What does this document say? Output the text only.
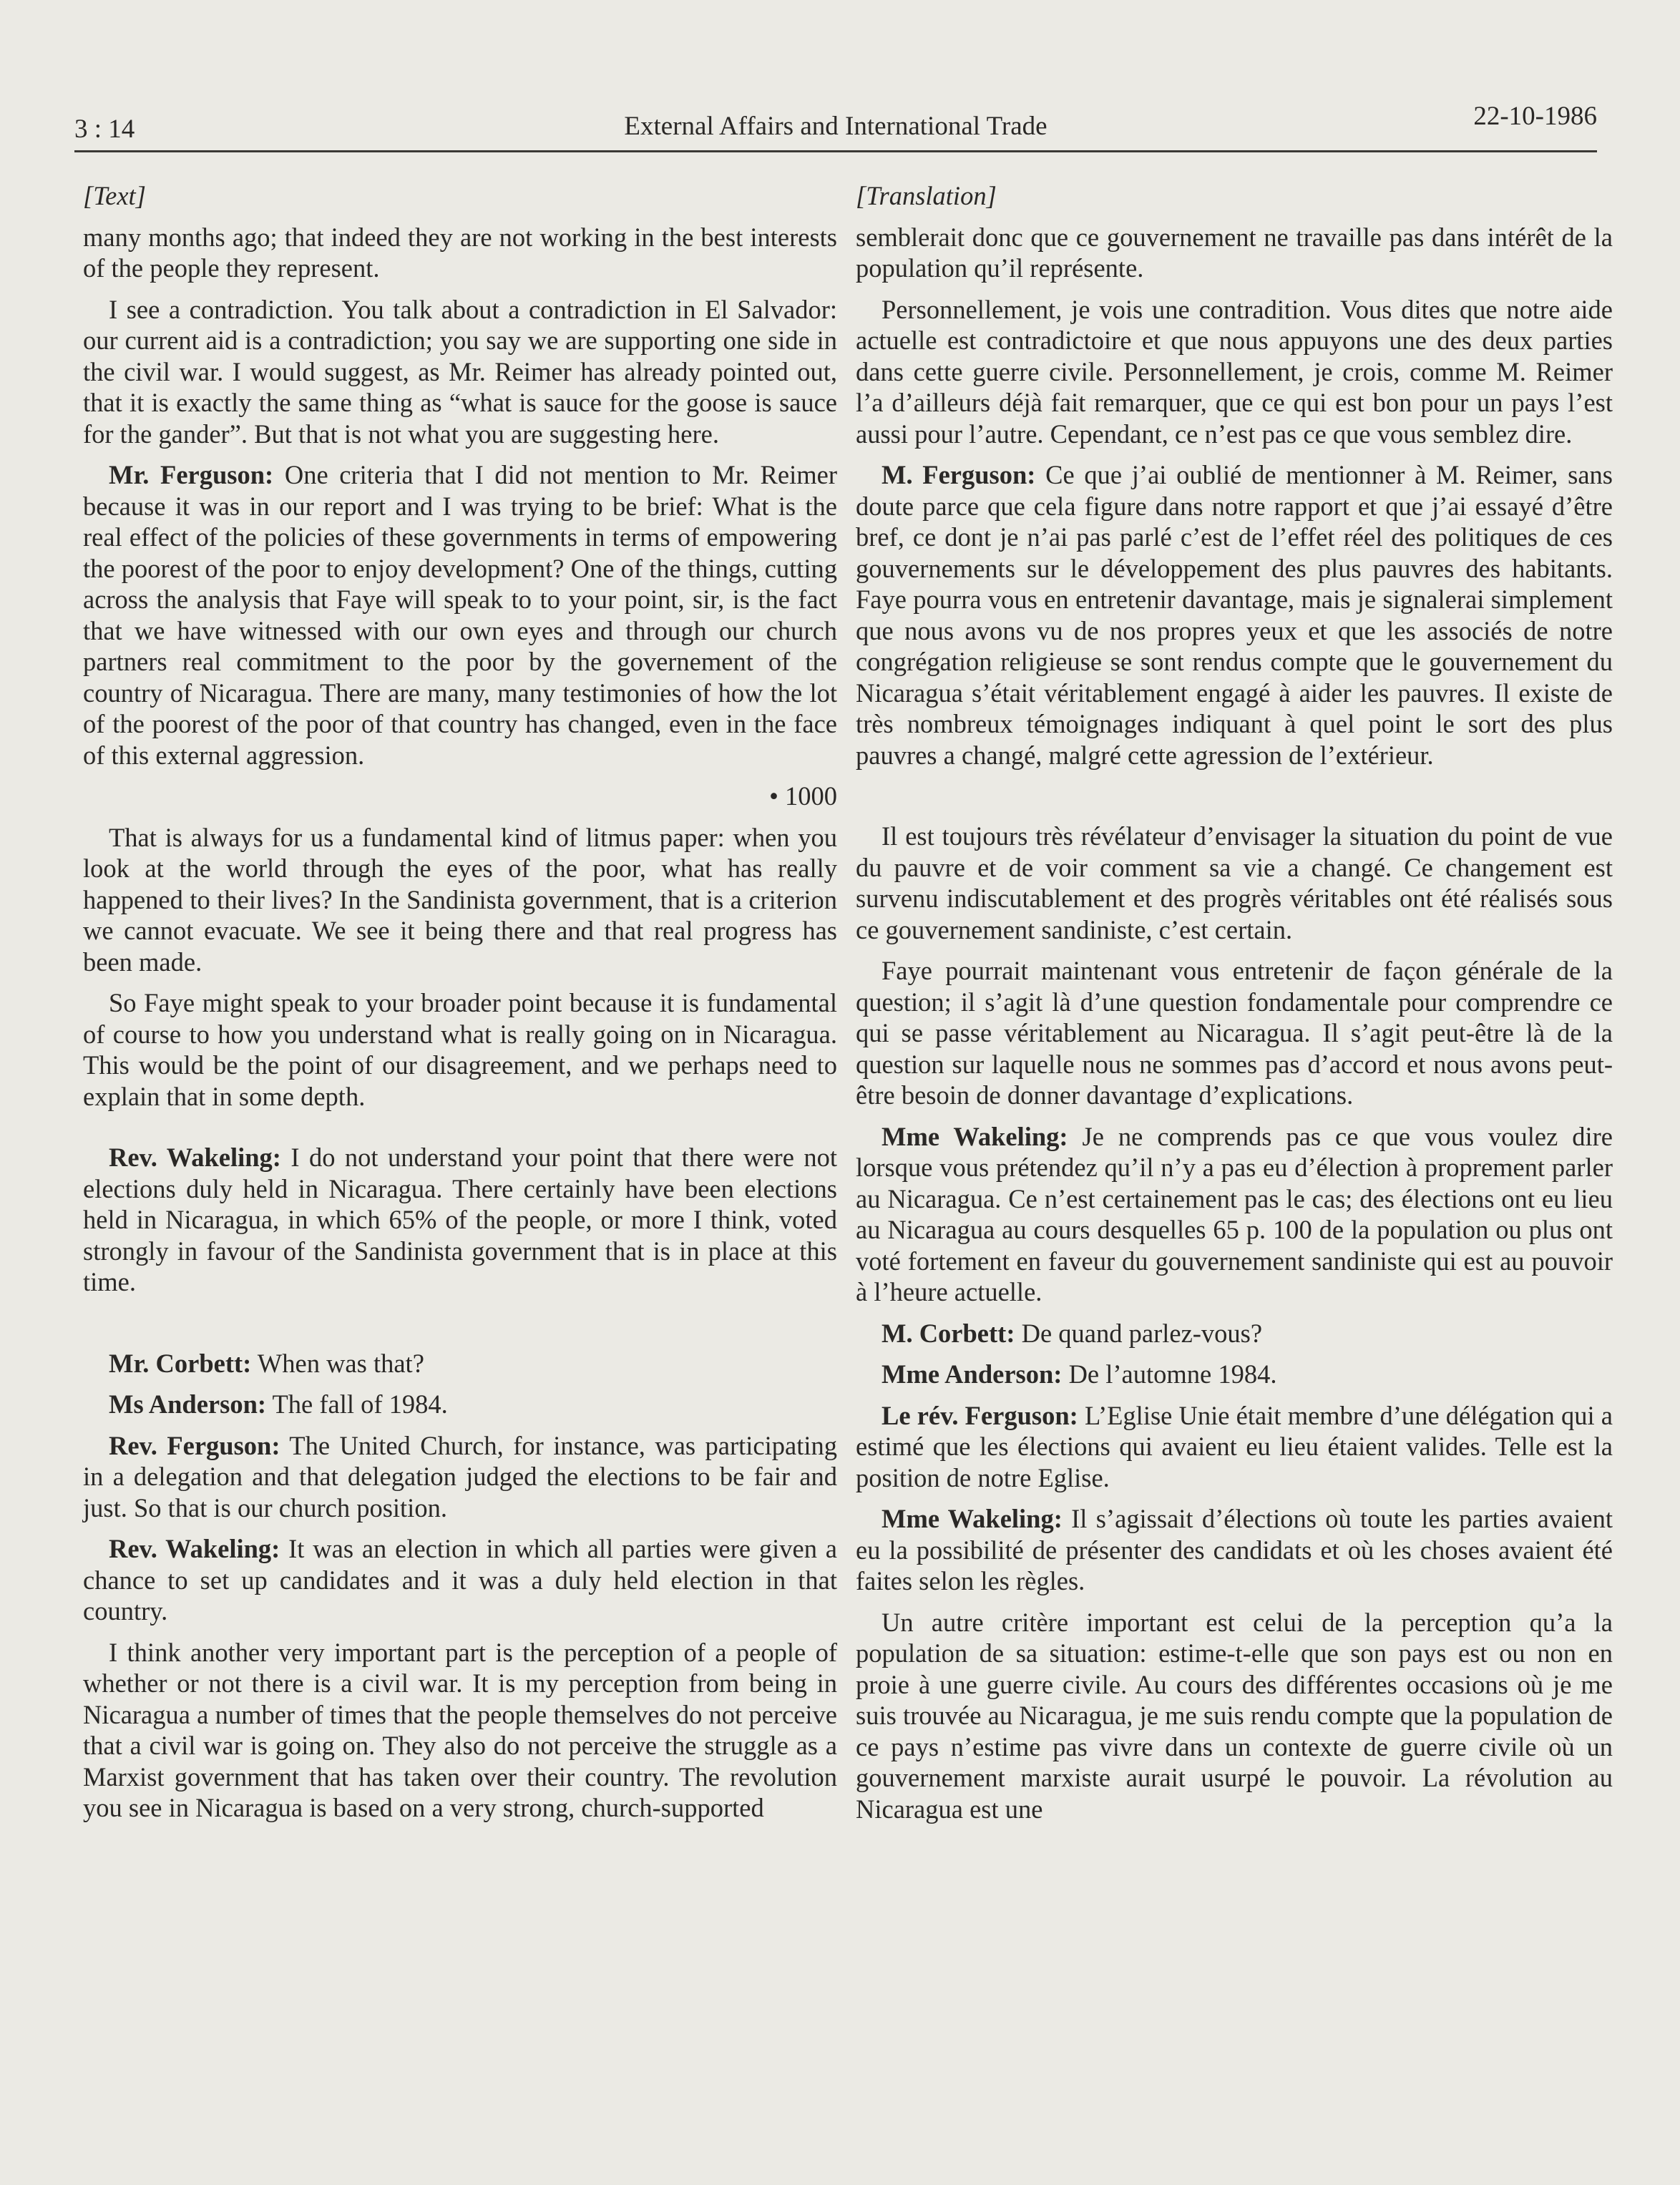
3 : 14	External Affairs and International Trade	22-10-1986

[Text]

many months ago; that indeed they are not working in the best interests of the people they represent.

I see a contradiction. You talk about a contradiction in El Salvador: our current aid is a contradiction; you say we are supporting one side in the civil war. I would suggest, as Mr. Reimer has already pointed out, that it is exactly the same thing as “what is sauce for the goose is sauce for the gander”. But that is not what you are suggesting here.

Mr. Ferguson: One criteria that I did not mention to Mr. Reimer because it was in our report and I was trying to be brief: What is the real effect of the policies of these governments in terms of empowering the poorest of the poor to enjoy development? One of the things, cutting across the analysis that Faye will speak to to your point, sir, is the fact that we have witnessed with our own eyes and through our church partners real commitment to the poor by the governement of the country of Nicaragua. There are many, many testimonies of how the lot of the poorest of the poor of that country has changed, even in the face of this external aggression.

• 1000

That is always for us a fundamental kind of litmus paper: when you look at the world through the eyes of the poor, what has really happened to their lives? In the Sandinista government, that is a criterion we cannot evacuate. We see it being there and that real progress has been made.

So Faye might speak to your broader point because it is fundamental of course to how you understand what is really going on in Nicaragua. This would be the point of our disagreement, and we perhaps need to explain that in some depth.

Rev. Wakeling: I do not understand your point that there were not elections duly held in Nicaragua. There certainly have been elections held in Nicaragua, in which 65% of the people, or more I think, voted strongly in favour of the Sandinista government that is in place at this time.

Mr. Corbett: When was that?

Ms Anderson: The fall of 1984.

Rev. Ferguson: The United Church, for instance, was participating in a delegation and that delegation judged the elections to be fair and just. So that is our church position.

Rev. Wakeling: It was an election in which all parties were given a chance to set up candidates and it was a duly held election in that country.

I think another very important part is the perception of a people of whether or not there is a civil war. It is my perception from being in Nicaragua a number of times that the people themselves do not perceive that a civil war is going on. They also do not perceive the struggle as a Marxist government that has taken over their country. The revolution you see in Nicaragua is based on a very strong, church-supported

[Translation]

semblerait donc que ce gouvernement ne travaille pas dans intérêt de la population qu’il représente.

Personnellement, je vois une contradition. Vous dites que notre aide actuelle est contradictoire et que nous appuyons une des deux parties dans cette guerre civile. Personnellement, je crois, comme M. Reimer l’a d’ailleurs déjà fait remarquer, que ce qui est bon pour un pays l’est aussi pour l’autre. Cependant, ce n’est pas ce que vous semblez dire.

M. Ferguson: Ce que j’ai oublié de mentionner à M. Reimer, sans doute parce que cela figure dans notre rapport et que j’ai essayé d’être bref, ce dont je n’ai pas parlé c’est de l’effet réel des politiques de ces gouvernements sur le développement des plus pauvres des habitants. Faye pourra vous en entretenir davantage, mais je signalerai simplement que nous avons vu de nos propres yeux et que les associés de notre congrégation religieuse se sont rendus compte que le gouvernement du Nicaragua s’était véritablement engagé à aider les pauvres. Il existe de très nombreux témoignages indiquant à quel point le sort des plus pauvres a changé, malgré cette agression de l’extérieur.

Il est toujours très révélateur d’envisager la situation du point de vue du pauvre et de voir comment sa vie a changé. Ce changement est survenu indiscutablement et des progrès véritables ont été réalisés sous ce gouvernement sandiniste, c’est certain.

Faye pourrait maintenant vous entretenir de façon générale de la question; il s’agit là d’une question fondamentale pour comprendre ce qui se passe véritablement au Nicaragua. Il s’agit peut-être là de la question sur laquelle nous ne sommes pas d’accord et nous avons peut-être besoin de donner davantage d’explications.

Mme Wakeling: Je ne comprends pas ce que vous voulez dire lorsque vous prétendez qu’il n’y a pas eu d’élection à proprement parler au Nicaragua. Ce n’est certainement pas le cas; des élections ont eu lieu au Nicaragua au cours desquelles 65 p. 100 de la population ou plus ont voté fortement en faveur du gouvernement sandiniste qui est au pouvoir à l’heure actuelle.

M. Corbett: De quand parlez-vous?

Mme Anderson: De l’automne 1984.

Le rév. Ferguson: L’Eglise Unie était membre d’une délégation qui a estimé que les élections qui avaient eu lieu étaient valides. Telle est la position de notre Eglise.

Mme Wakeling: Il s’agissait d’élections où toute les parties avaient eu la possibilité de présenter des candidats et où les choses avaient été faites selon les règles.

Un autre critère important est celui de la perception qu’a la population de sa situation: estime-t-elle que son pays est ou non en proie à une guerre civile. Au cours des différentes occasions où je me suis trouvée au Nicaragua, je me suis rendu compte que la population de ce pays n’estime pas vivre dans un contexte de guerre civile où un gouvernement marxiste aurait usurpé le pouvoir. La révolution au Nicaragua est une
